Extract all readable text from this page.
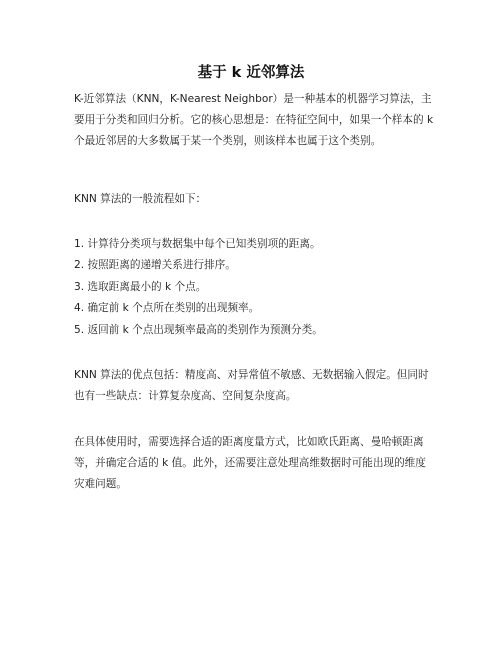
基于 k 近邻算法

K-近邻算法（KNN，K-Nearest Neighbor）是一种基本的机器学习算法，主要用于分类和回归分析。它的核心思想是：在特征空间中，如果一个样本的 k 个最近邻居的大多数属于某一个类别，则该样本也属于这个类别。

KNN 算法的一般流程如下：

1. 计算待分类项与数据集中每个已知类别项的距离。

2. 按照距离的递增关系进行排序。

3. 选取距离最小的 k 个点。

4. 确定前 k 个点所在类别的出现频率。

5. 返回前 k 个点出现频率最高的类别作为预测分类。

KNN 算法的优点包括：精度高、对异常值不敏感、无数据输入假定。但同时也有一些缺点：计算复杂度高、空间复杂度高。

在具体使用时，需要选择合适的距离度量方式，比如欧氏距离、曼哈顿距离等，并确定合适的 k 值。此外，还需要注意处理高维数据时可能出现的维度灾难问题。
